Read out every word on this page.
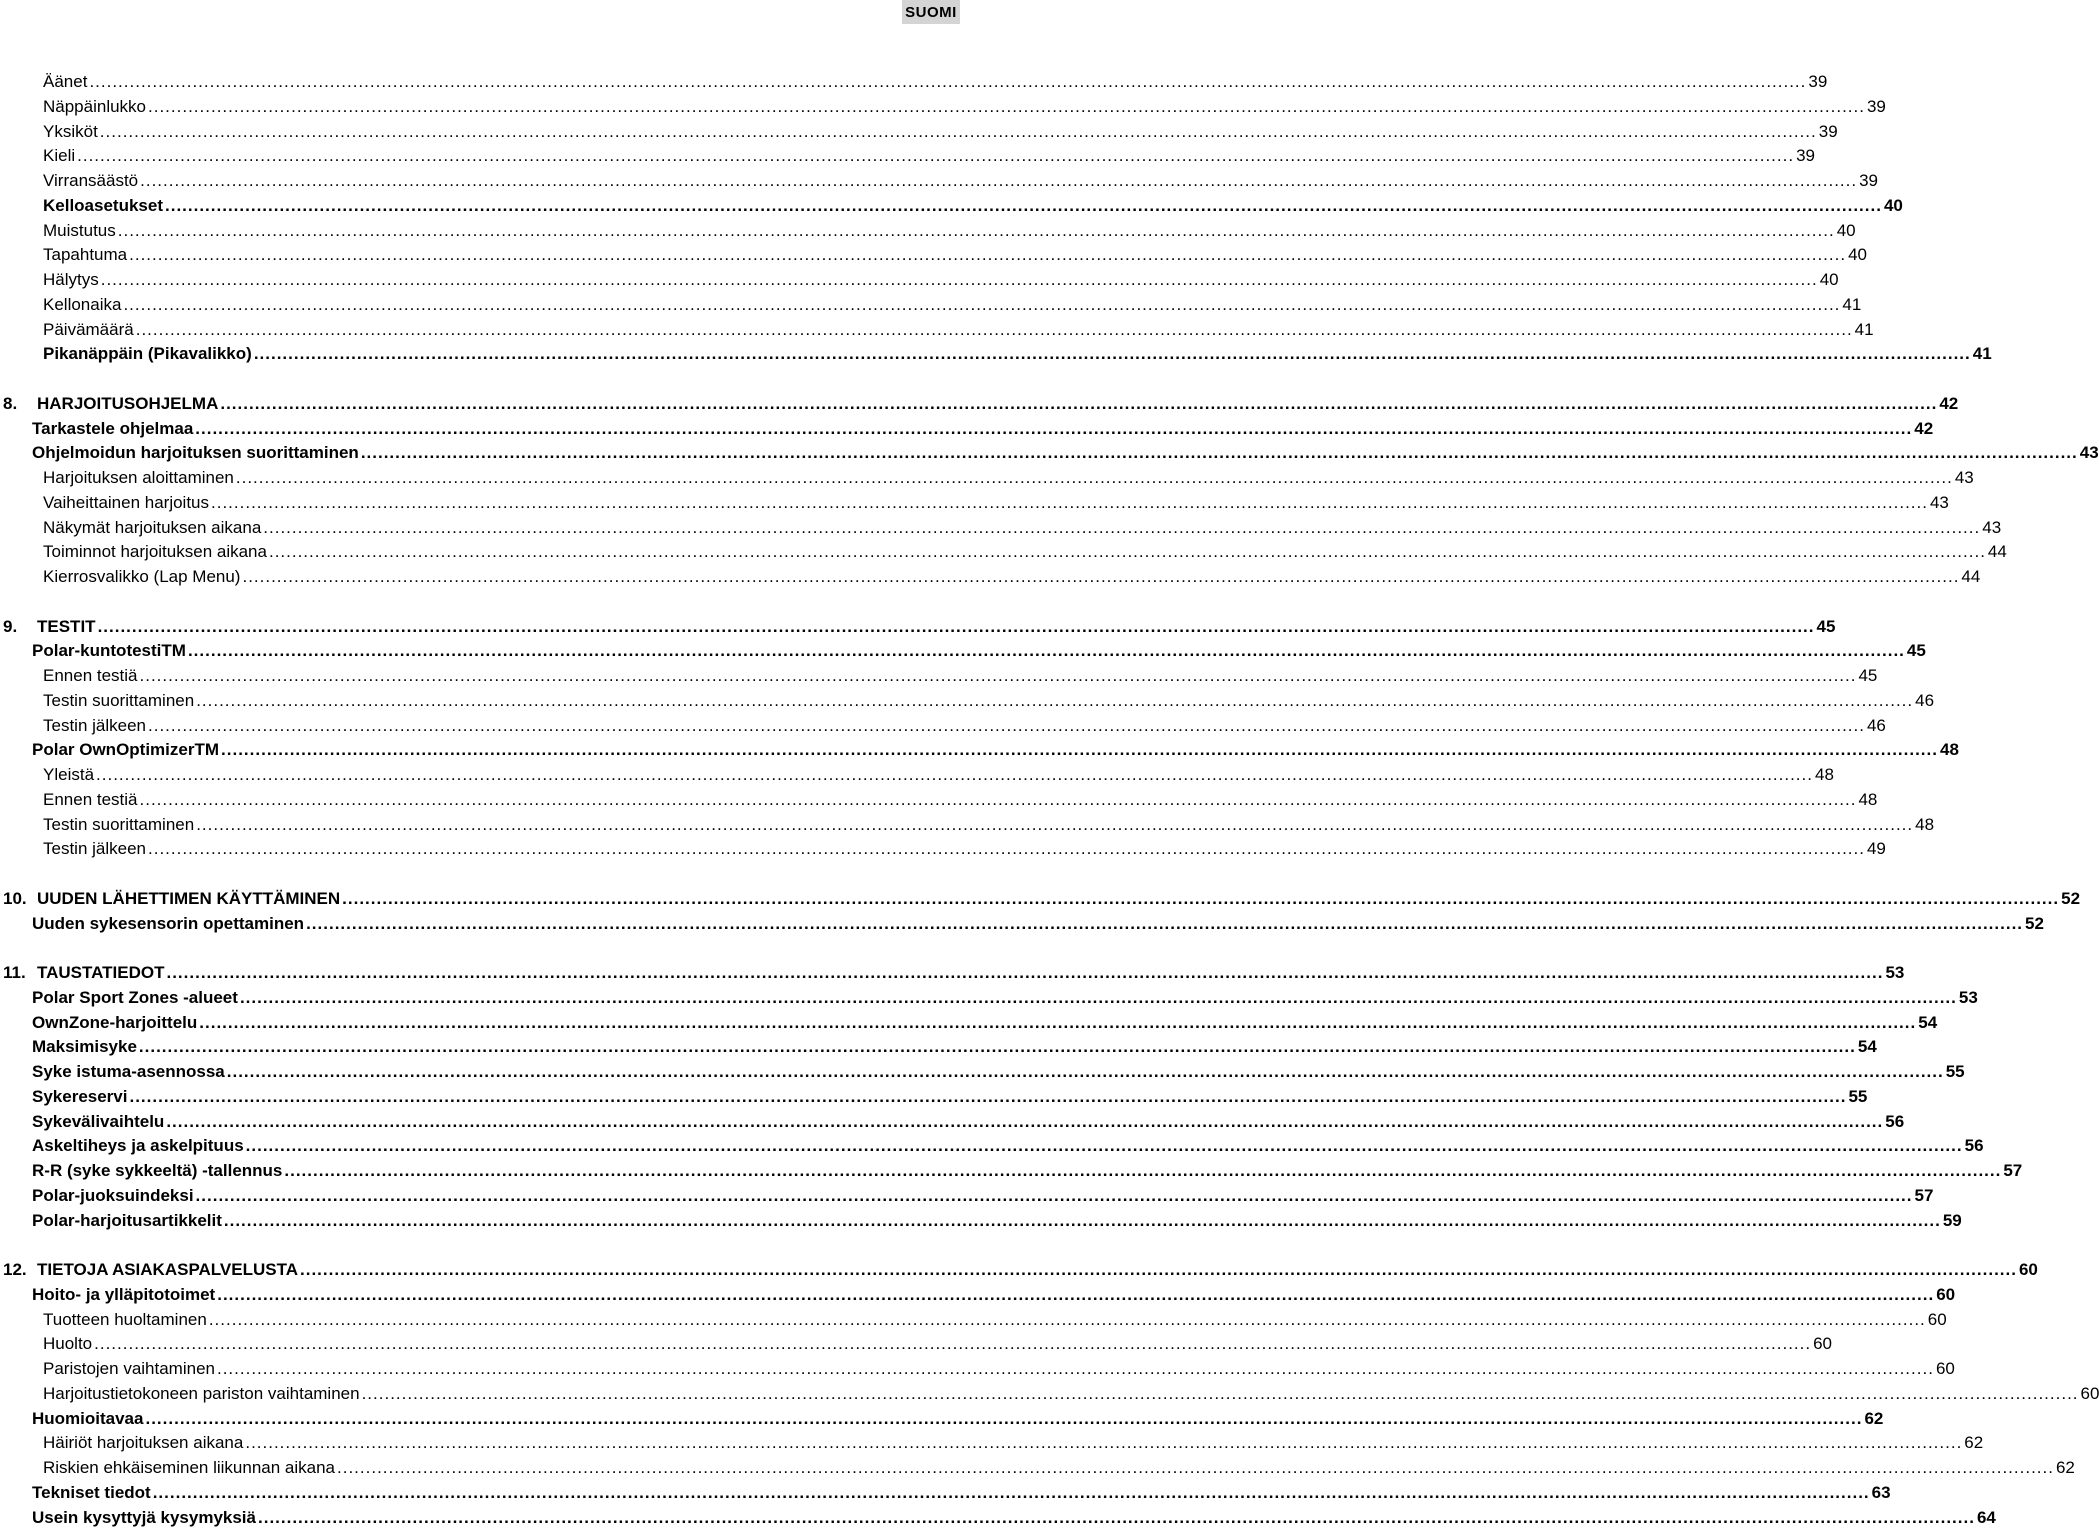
SUOMI
Äänet ............................................................................................................................................................................................................................................................................................................ 39
Näppäinlukko ............................................................................................................................................................................................................................................................................................................ 39
Yksiköt ............................................................................................................................................................................................................................................................................................................ 39
Kieli ............................................................................................................................................................................................................................................................................................................ 39
Virransäästö ............................................................................................................................................................................................................................................................................................................ 39
Kelloasetukset ............................................................................................................................................................................................................................................................................................................ 40
Muistutus ............................................................................................................................................................................................................................................................................................................ 40
Tapahtuma ............................................................................................................................................................................................................................................................................................................ 40
Hälytys ............................................................................................................................................................................................................................................................................................................ 40
Kellonaika ............................................................................................................................................................................................................................................................................................................ 41
Päivämäärä ............................................................................................................................................................................................................................................................................................................ 41
Pikanäppäin (Pikavalikko) ............................................................................................................................................................................................................................................................................................................ 41
8.	HARJOITUSOHJELMA ............................................................................................................................................................................................................................................................................................................ 42
Tarkastele ohjelmaa ............................................................................................................................................................................................................................................................................................................ 42
Ohjelmoidun harjoituksen suorittaminen ............................................................................................................................................................................................................................................................................................................ 43
Harjoituksen aloittaminen ............................................................................................................................................................................................................................................................................................................ 43
Vaiheittainen harjoitus ............................................................................................................................................................................................................................................................................................................ 43
Näkymät harjoituksen aikana ............................................................................................................................................................................................................................................................................................................ 43
Toiminnot harjoituksen aikana ............................................................................................................................................................................................................................................................................................................ 44
Kierrosvalikko (Lap Menu) ............................................................................................................................................................................................................................................................................................................ 44
9.	TESTIT ............................................................................................................................................................................................................................................................................................................ 45
Polar-kuntotestiTM ............................................................................................................................................................................................................................................................................................................ 45
Ennen testiä ............................................................................................................................................................................................................................................................................................................ 45
Testin suorittaminen ............................................................................................................................................................................................................................................................................................................ 46
Testin jälkeen ............................................................................................................................................................................................................................................................................................................ 46
Polar OwnOptimizerTM ............................................................................................................................................................................................................................................................................................................ 48
Yleistä ............................................................................................................................................................................................................................................................................................................ 48
Ennen testiä ............................................................................................................................................................................................................................................................................................................ 48
Testin suorittaminen ............................................................................................................................................................................................................................................................................................................ 48
Testin jälkeen ............................................................................................................................................................................................................................................................................................................ 49
10. UUDEN LÄHETTIMEN KÄYTTÄMINEN ............................................................................................................................................................................................................................................................................................................ 52
Uuden sykesensorin opettaminen ............................................................................................................................................................................................................................................................................................................ 52
11. TAUSTATIEDOT ............................................................................................................................................................................................................................................................................................................ 53
Polar Sport Zones -alueet ............................................................................................................................................................................................................................................................................................................ 53
OwnZone-harjoittelu ............................................................................................................................................................................................................................................................................................................ 54
Maksimisyke ............................................................................................................................................................................................................................................................................................................ 54
Syke istuma-asennossa ............................................................................................................................................................................................................................................................................................................ 55
Sykereservi ............................................................................................................................................................................................................................................................................................................ 55
Sykevälivaihtelu ............................................................................................................................................................................................................................................................................................................ 56
Askeltiheys ja askelpituus ............................................................................................................................................................................................................................................................................................................ 56
R-R (syke sykkeeltä) -tallennus ............................................................................................................................................................................................................................................................................................................ 57
Polar-juoksuindeksi ............................................................................................................................................................................................................................................................................................................ 57
Polar-harjoitusartikkelit ............................................................................................................................................................................................................................................................................................................ 59
12. TIETOJA ASIAKASPALVELUSTA ............................................................................................................................................................................................................................................................................................................ 60
Hoito- ja ylläpitotoimet ............................................................................................................................................................................................................................................................................................................ 60
Tuotteen huoltaminen ............................................................................................................................................................................................................................................................................................................ 60
Huolto ............................................................................................................................................................................................................................................................................................................ 60
Paristojen vaihtaminen ............................................................................................................................................................................................................................................................................................................ 60
Harjoitustietokoneen pariston vaihtaminen ............................................................................................................................................................................................................................................................................................................ 60
Huomioitavaa ............................................................................................................................................................................................................................................................................................................ 62
Häiriöt harjoituksen aikana ............................................................................................................................................................................................................................................................................................................ 62
Riskien ehkäiseminen liikunnan aikana ............................................................................................................................................................................................................................................................................................................ 62
Tekniset tiedot ............................................................................................................................................................................................................................................................................................................ 63
Usein kysyttyjä kysymyksiä ............................................................................................................................................................................................................................................................................................................ 64
